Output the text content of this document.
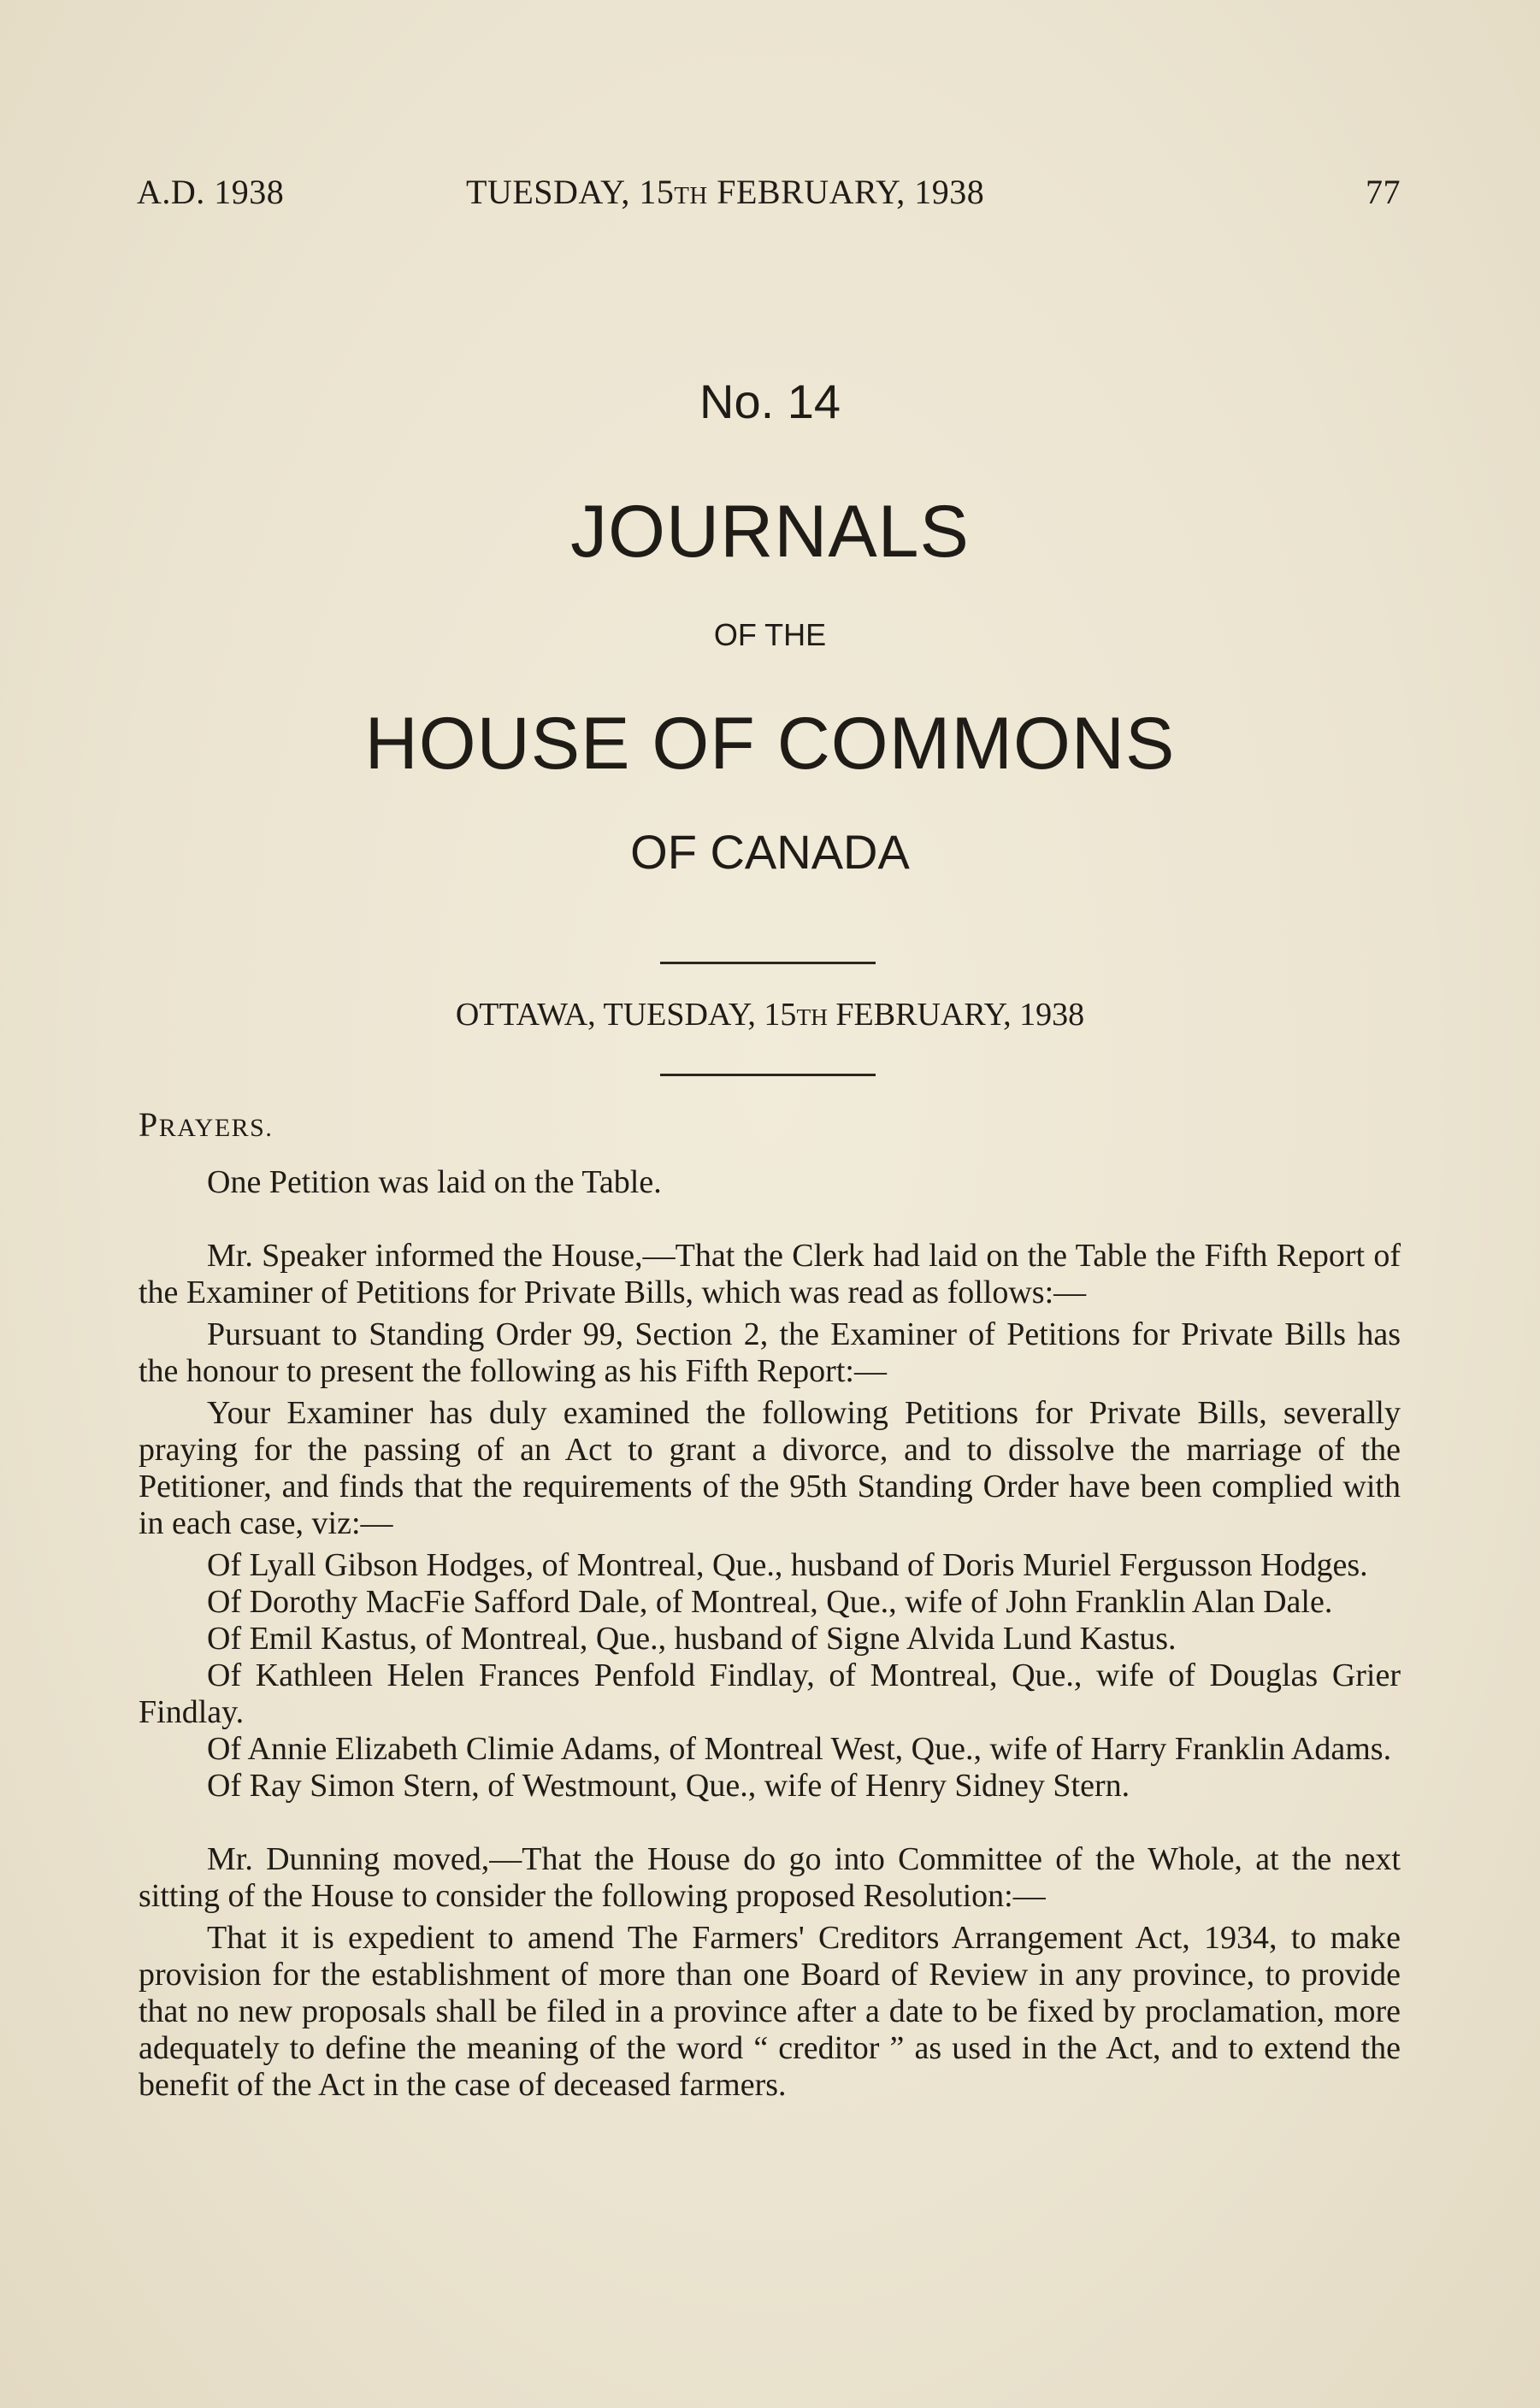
A.D. 1938	TUESDAY, 15TH FEBRUARY, 1938	77
No. 14
JOURNALS
OF THE
HOUSE OF COMMONS
OF CANADA
OTTAWA, TUESDAY, 15TH FEBRUARY, 1938
PRAYERS.

One Petition was laid on the Table.

Mr. Speaker informed the House,—That the Clerk had laid on the Table the Fifth Report of the Examiner of Petitions for Private Bills, which was read as follows:—

Pursuant to Standing Order 99, Section 2, the Examiner of Petitions for Private Bills has the honour to present the following as his Fifth Report:—

Your Examiner has duly examined the following Petitions for Private Bills, severally praying for the passing of an Act to grant a divorce, and to dissolve the marriage of the Petitioner, and finds that the requirements of the 95th Standing Order have been complied with in each case, viz:—

Of Lyall Gibson Hodges, of Montreal, Que., husband of Doris Muriel Fergusson Hodges.

Of Dorothy MacFie Safford Dale, of Montreal, Que., wife of John Franklin Alan Dale.

Of Emil Kastus, of Montreal, Que., husband of Signe Alvida Lund Kastus.

Of Kathleen Helen Frances Penfold Findlay, of Montreal, Que., wife of Douglas Grier Findlay.

Of Annie Elizabeth Climie Adams, of Montreal West, Que., wife of Harry Franklin Adams.

Of Ray Simon Stern, of Westmount, Que., wife of Henry Sidney Stern.

Mr. Dunning moved,—That the House do go into Committee of the Whole, at the next sitting of the House to consider the following proposed Resolution:—

That it is expedient to amend The Farmers' Creditors Arrangement Act, 1934, to make provision for the establishment of more than one Board of Review in any province, to provide that no new proposals shall be filed in a province after a date to be fixed by proclamation, more adequately to define the meaning of the word “ creditor ” as used in the Act, and to extend the benefit of the Act in the case of deceased farmers.
